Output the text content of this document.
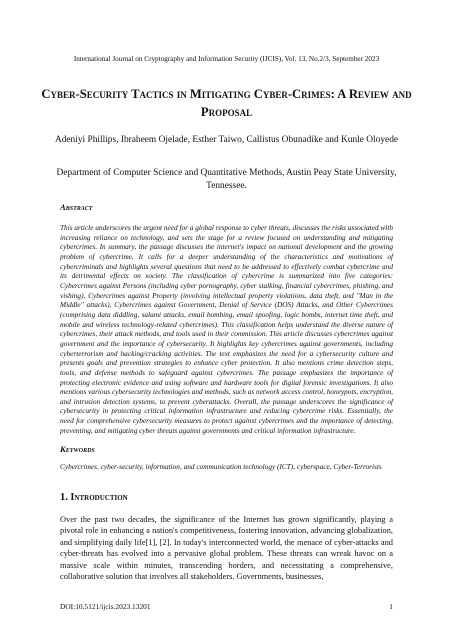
International Journal on Cryptography and Information Security (IJCIS), Vol. 13, No.2/3, September 2023
Cyber-Security Tactics in Mitigating Cyber-Crimes: A Review and Proposal
Adeniyi Phillips, Ibraheem Ojelade, Esther Taiwo, Callistus Obunadike and Kunle Oloyede
Department of Computer Science and Quantitative Methods, Austin Peay State University, Tennessee.
Abstract
This article underscores the urgent need for a global response to cyber threats, discusses the risks associated with increasing reliance on technology, and sets the stage for a review focused on understanding and mitigating cybercrimes. In summary, the passage discusses the internet's impact on national development and the growing problem of cybercrime. It calls for a deeper understanding of the characteristics and motivations of cybercriminals and highlights several questions that need to be addressed to effectively combat cybercrime and its detrimental effects on society. The classification of cybercrime is summarized into five categories: Cybercrimes against Persons (including cyber pornography, cyber stalking, financial cybercrimes, phishing, and vishing), Cybercrimes against Property (involving intellectual property violations, data theft, and "Man in the Middle" attacks), Cybercrimes against Government, Denial of Service (DOS) Attacks, and Other Cybercrimes (comprising data diddling, salami attacks, email bombing, email spoofing, logic bombs, internet time theft, and mobile and wireless technology-related cybercrimes). This classification helps understand the diverse nature of cybercrimes, their attack methods, and tools used in their commission. This article discusses cybercrimes against government and the importance of cybersecurity. It highlights key cybercrimes against governments, including cyberterrorism and hacking/cracking activities. The text emphasizes the need for a cybersecurity culture and presents goals and prevention strategies to enhance cyber protection. It also mentions crime detection steps, tools, and defense methods to safeguard against cybercrimes. The passage emphasizes the importance of protecting electronic evidence and using software and hardware tools for digital forensic investigations. It also mentions various cybersecurity technologies and methods, such as network access control, honeypots, encryption, and intrusion detection systems, to prevent cyberattacks. Overall, the passage underscores the significance of cybersecurity in protecting critical information infrastructure and reducing cybercrime risks. Essentially, the need for comprehensive cybersecurity measures to protect against cybercrimes and the importance of detecting, preventing, and mitigating cyber threats against governments and critical information infrastructure.
Keywords
Cybercrimes, cyber-security, information, and communication technology (ICT), cyberspace, Cyber-Terrorists
1. Introduction
Over the past two decades, the significance of the Internet has grown significantly, playing a pivotal role in enhancing a nation's competitiveness, fostering innovation, advancing globalization, and simplifying daily life[1], [2]. In today's interconnected world, the menace of cyber-attacks and cyber-threats has evolved into a pervasive global problem. These threats can wreak havoc on a massive scale within minutes, transcending borders, and necessitating a comprehensive, collaborative solution that involves all stakeholders. Governments, businesses,
DOI:10.5121/ijcis.2023.13201	1
